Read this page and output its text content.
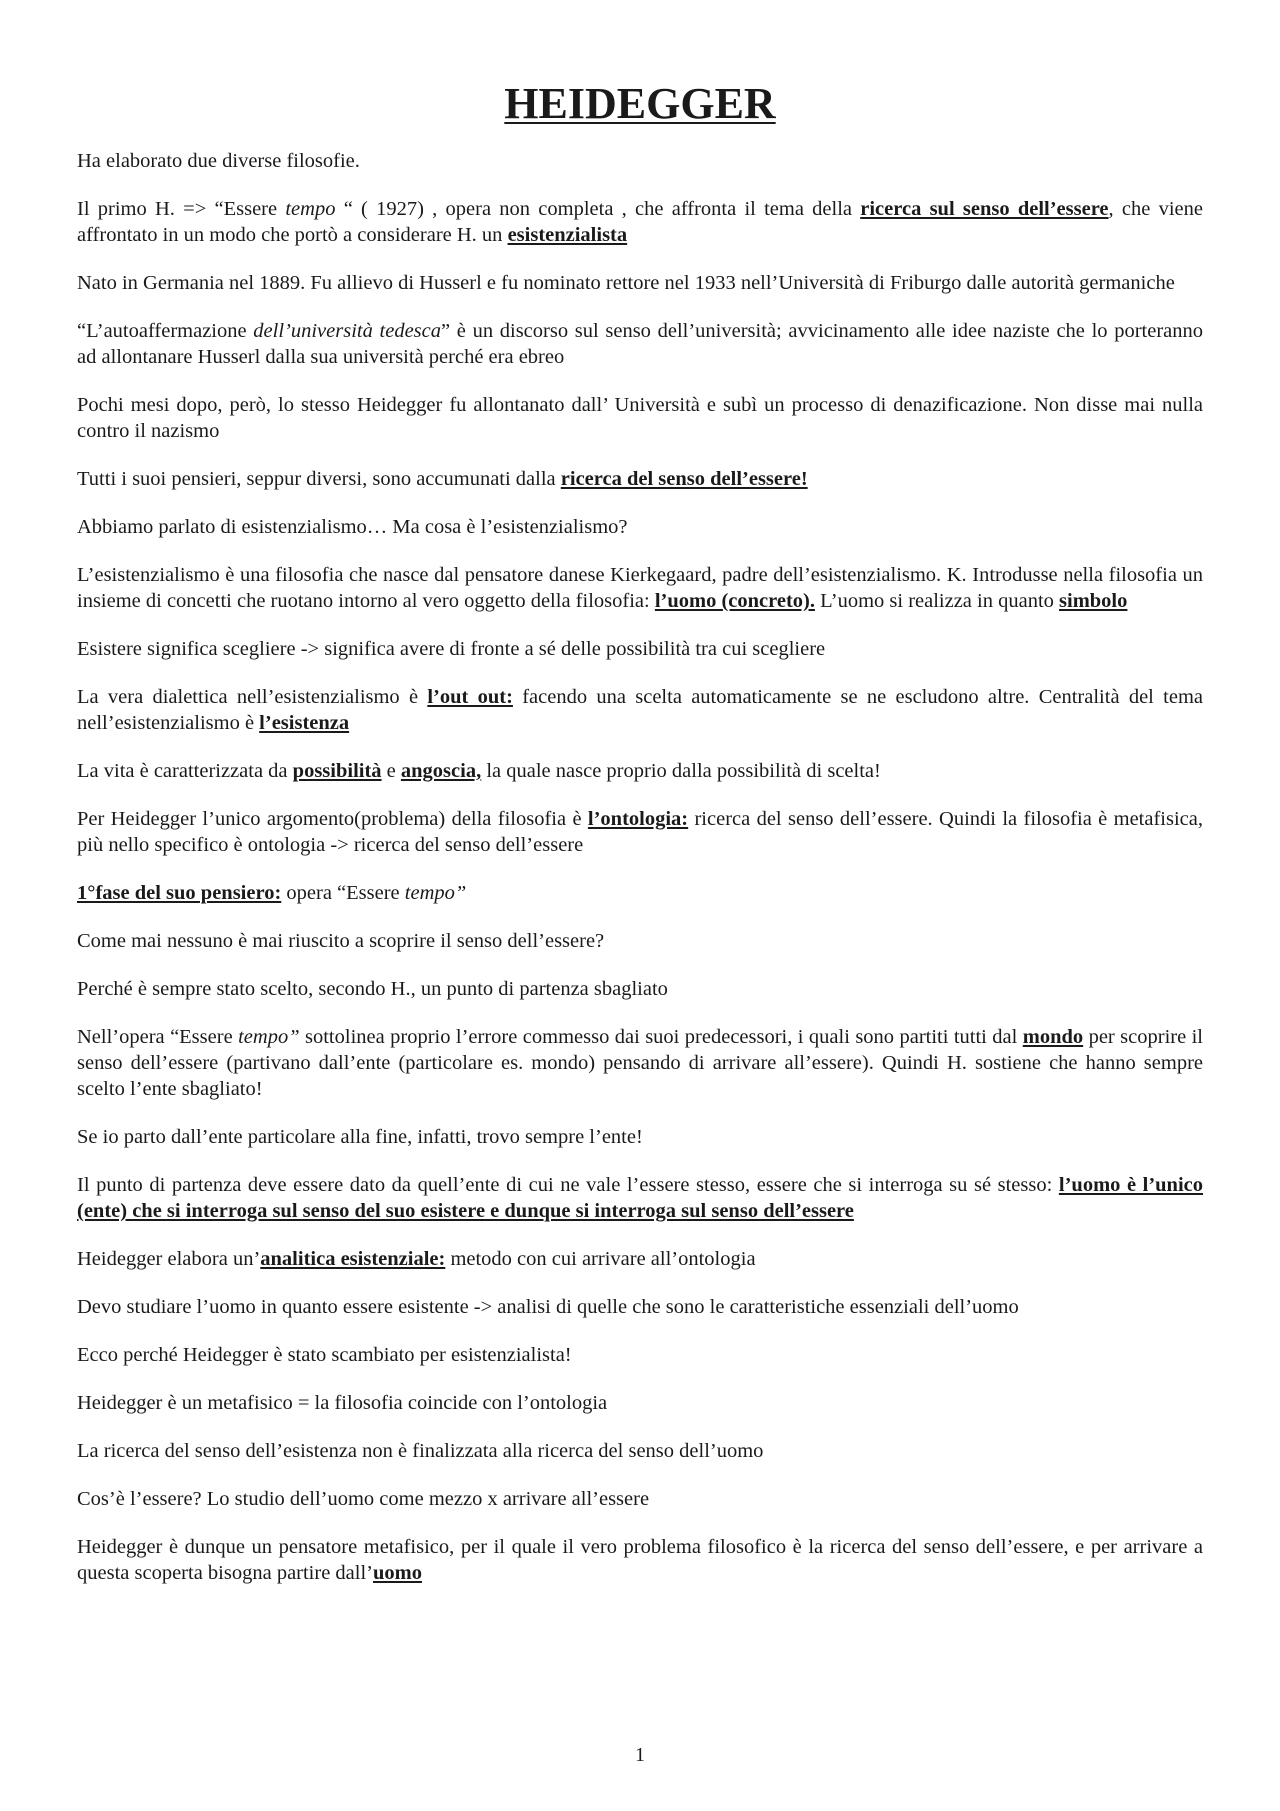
HEIDEGGER

Ha elaborato due diverse filosofie.

Il primo H. => “Essere tempo “ ( 1927) , opera non completa , che affronta il tema della ricerca sul senso dell’essere, che viene affrontato in un modo che portò a considerare H. un esistenzialista

Nato in Germania nel 1889. Fu allievo di Husserl e fu nominato rettore nel 1933 nell’Università di Friburgo dalle autorità germaniche

“L’autoaffermazione dell’università tedesca” è un discorso sul senso dell’università; avvicinamento alle idee naziste che lo porteranno ad allontanare Husserl dalla sua università perché era ebreo

Pochi mesi dopo, però, lo stesso Heidegger fu allontanato dall’ Università e subì un processo di denazificazione. Non disse mai nulla contro il nazismo

Tutti i suoi pensieri, seppur diversi, sono accumunati dalla ricerca del senso dell’essere!

Abbiamo parlato di esistenzialismo… Ma cosa è l’esistenzialismo?

L’esistenzialismo è una filosofia che nasce dal pensatore danese Kierkegaard, padre dell’esistenzialismo. K. Introdusse nella filosofia un insieme di concetti che ruotano intorno al vero oggetto della filosofia: l’uomo (concreto). L’uomo si realizza in quanto simbolo

Esistere significa scegliere -> significa avere di fronte a sé delle possibilità tra cui scegliere

La vera dialettica nell’esistenzialismo è l’out out: facendo una scelta automaticamente se ne escludono altre. Centralità del tema nell’esistenzialismo è l’esistenza

La vita è caratterizzata da possibilità e angoscia, la quale nasce proprio dalla possibilità di scelta!

Per Heidegger l’unico argomento(problema) della filosofia è l’ontologia: ricerca del senso dell’essere. Quindi la filosofia è metafisica, più nello specifico è ontologia -> ricerca del senso dell’essere

1°fase del suo pensiero: opera “Essere tempo”

Come mai nessuno è mai riuscito a scoprire il senso dell’essere?

Perché è sempre stato scelto, secondo H., un punto di partenza sbagliato

Nell’opera “Essere tempo” sottolinea proprio l’errore commesso dai suoi predecessori, i quali sono partiti tutti dal mondo per scoprire il senso dell’essere (partivano dall’ente (particolare es. mondo) pensando di arrivare all’essere). Quindi H. sostiene che hanno sempre scelto l’ente sbagliato!

Se io parto dall’ente particolare alla fine, infatti, trovo sempre l’ente!

Il punto di partenza deve essere dato da quell’ente di cui ne vale l’essere stesso, essere che si interroga su sé stesso: l’uomo è l’unico (ente) che si interroga sul senso del suo esistere e dunque si interroga sul senso dell’essere

Heidegger elabora un’analitica esistenziale: metodo con cui arrivare all’ontologia

Devo studiare l’uomo in quanto essere esistente -> analisi di quelle che sono le caratteristiche essenziali dell’uomo

Ecco perché Heidegger è stato scambiato per esistenzialista!

Heidegger è un metafisico = la filosofia coincide con l’ontologia

La ricerca del senso dell’esistenza non è finalizzata alla ricerca del senso dell’uomo

Cos’è l’essere? Lo studio dell’uomo come mezzo x arrivare all’essere

Heidegger è dunque un pensatore metafisico, per il quale il vero problema filosofico è la ricerca del senso dell’essere, e per arrivare a questa scoperta bisogna partire dall’uomo

1
